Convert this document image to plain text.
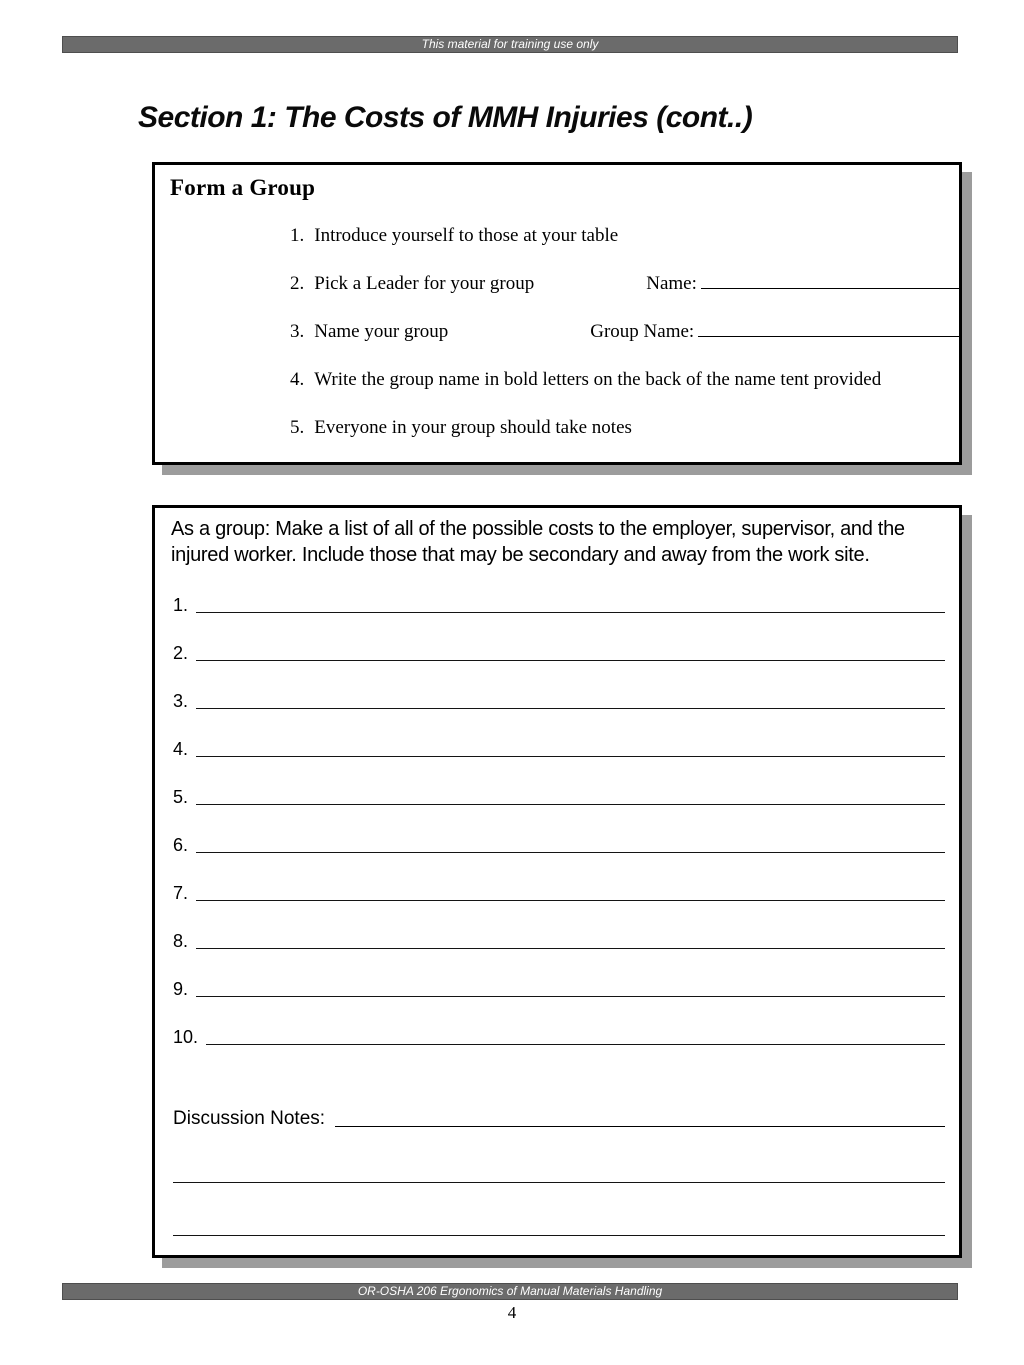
This material for training use only
Section 1: The Costs of MMH Injuries (cont..)
Form a Group
1. Introduce yourself to those at your table
2. Pick a Leader for your group	Name:
3. Name your group	Group Name:
4. Write the group name in bold letters on the back of the name tent provided
5. Everyone in your group should take notes
As a group: Make a list of all of the possible costs to the employer, supervisor, and the injured worker. Include those that may be secondary and away from the work site.
1.
2.
3.
4.
5.
6.
7.
8.
9.
10.
Discussion Notes:
OR-OSHA 206 Ergonomics of Manual Materials Handling
4
